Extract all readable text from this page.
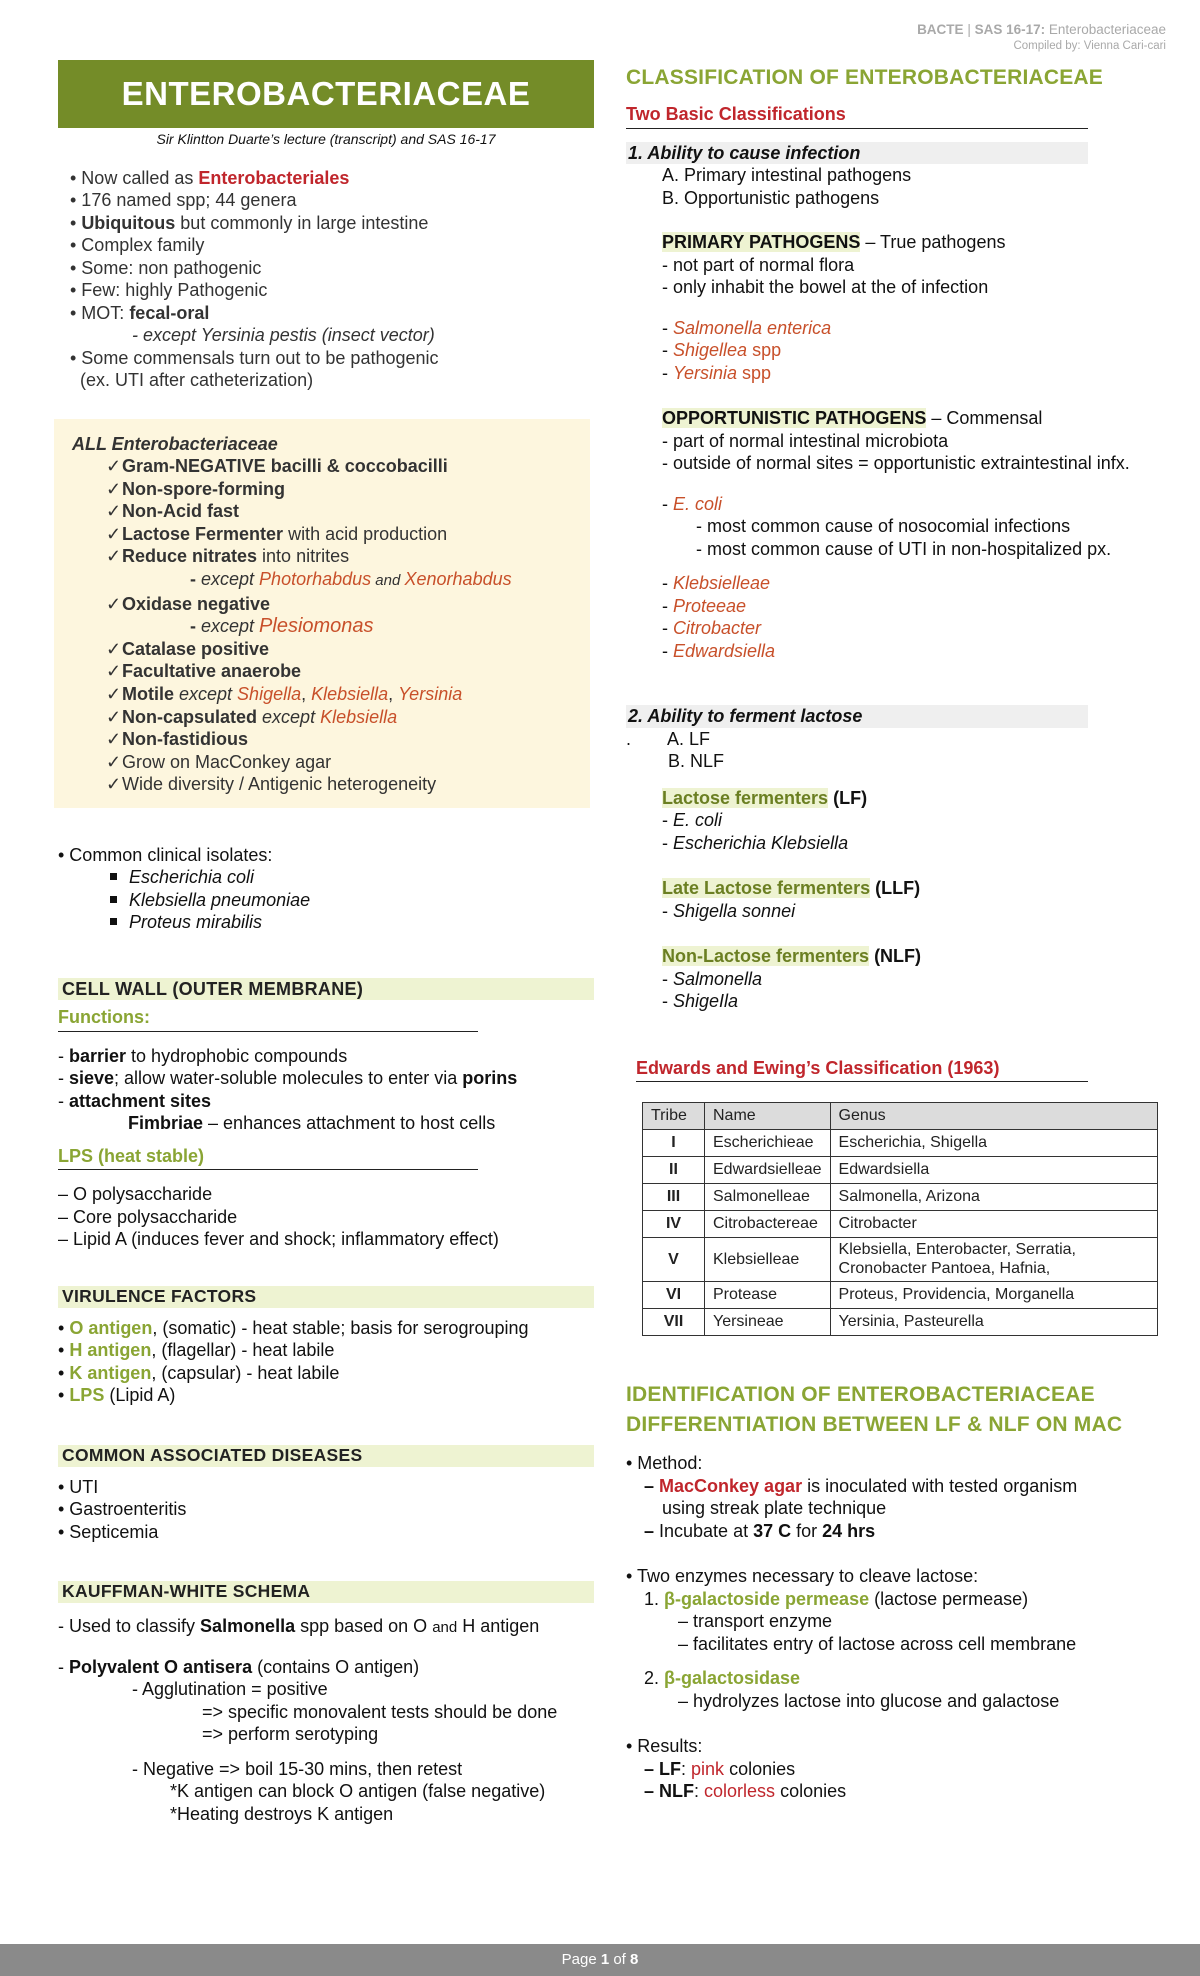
BACTE | SAS 16-17: Enterobacteriaceae
Compiled by: Vienna Cari-cari
ENTEROBACTERIACEAE
Sir Klintton Duarte’s lecture (transcript) and SAS 16-17
• Now called as Enterobacteriales
• 176 named spp; 44 genera
• Ubiquitous but commonly in large intestine
• Complex family
• Some: non pathogenic
• Few: highly Pathogenic
• MOT: fecal-oral
- except Yersinia pestis (insect vector)
• Some commensals turn out to be pathogenic
(ex. UTI after catheterization)
ALL Enterobacteriaceae
✓Gram-NEGATIVE bacilli & coccobacilli
✓Non-spore-forming
✓Non-Acid fast
✓Lactose Fermenter with acid production
✓Reduce nitrates into nitrites
- except Photorhabdus and Xenorhabdus
✓Oxidase negative
- except Plesiomonas
✓Catalase positive
✓Facultative anaerobe
✓Motile except Shigella, Klebsiella, Yersinia
✓Non-capsulated except Klebsiella
✓Non-fastidious
✓Grow on MacConkey agar
✓Wide diversity / Antigenic heterogeneity
• Common clinical isolates:
Escherichia coli
Klebsiella pneumoniae
Proteus mirabilis
CELL WALL (OUTER MEMBRANE)
Functions:
- barrier to hydrophobic compounds
- sieve; allow water-soluble molecules to enter via porins
- attachment sites
Fimbriae – enhances attachment to host cells
LPS (heat stable)
– O polysaccharide
– Core polysaccharide
– Lipid A (induces fever and shock; inflammatory effect)
VIRULENCE FACTORS
• O antigen, (somatic) - heat stable; basis for serogrouping
• H antigen, (flagellar) - heat labile
• K antigen, (capsular) - heat labile
• LPS (Lipid A)
COMMON ASSOCIATED DISEASES
• UTI
• Gastroenteritis
• Septicemia
KAUFFMAN-WHITE SCHEMA
- Used to classify Salmonella spp based on O and H antigen
- Polyvalent O antisera (contains O antigen)
- Agglutination = positive
=> specific monovalent tests should be done
=> perform serotyping
- Negative => boil 15-30 mins, then retest
*K antigen can block O antigen (false negative)
*Heating destroys K antigen
CLASSIFICATION OF ENTEROBACTERIACEAE
Two Basic Classifications
1. Ability to cause infection
A. Primary intestinal pathogens
B. Opportunistic pathogens
PRIMARY PATHOGENS – True pathogens
- not part of normal flora
- only inhabit the bowel at the of infection
- Salmonella enterica
- Shigellea spp
- Yersinia spp
OPPORTUNISTIC PATHOGENS – Commensal
- part of normal intestinal microbiota
- outside of normal sites = opportunistic extraintestinal infx.
- E. coli
- most common cause of nosocomial infections
- most common cause of UTI in non-hospitalized px.
- Klebsielleae
- Proteeae
- Citrobacter
- Edwardsiella
2. Ability to ferment lactose
. A. LF
B. NLF
Lactose fermenters (LF)
- E. coli
- Escherichia Klebsiella
Late Lactose fermenters (LLF)
- Shigella sonnei
Non-Lactose fermenters (NLF)
- Salmonella
- ShigeIla
Edwards and Ewing’s Classification (1963)
Tribe	Name	Genus
I	Escherichieae	Escherichia, Shigella
II	Edwardsielleae	Edwardsiella
III	Salmonelleae	Salmonella, Arizona
IV	Citrobactereae	Citrobacter
V	Klebsielleae	Klebsiella, Enterobacter, Serratia, Cronobacter Pantoea, Hafnia,
VI	Protease	Proteus, Providencia, Morganella
VII	Yersineae	Yersinia, Pasteurella
IDENTIFICATION OF ENTEROBACTERIACEAE
DIFFERENTIATION BETWEEN LF & NLF ON MAC
• Method:
– MacConkey agar is inoculated with tested organism
using streak plate technique
– Incubate at 37 C for 24 hrs
• Two enzymes necessary to cleave lactose:
1. β-galactoside permease (lactose permease)
– transport enzyme
– facilitates entry of lactose across cell membrane
2. β-galactosidase
– hydrolyzes lactose into glucose and galactose
• Results:
– LF: pink colonies
– NLF: colorless colonies
Page 1 of 8
